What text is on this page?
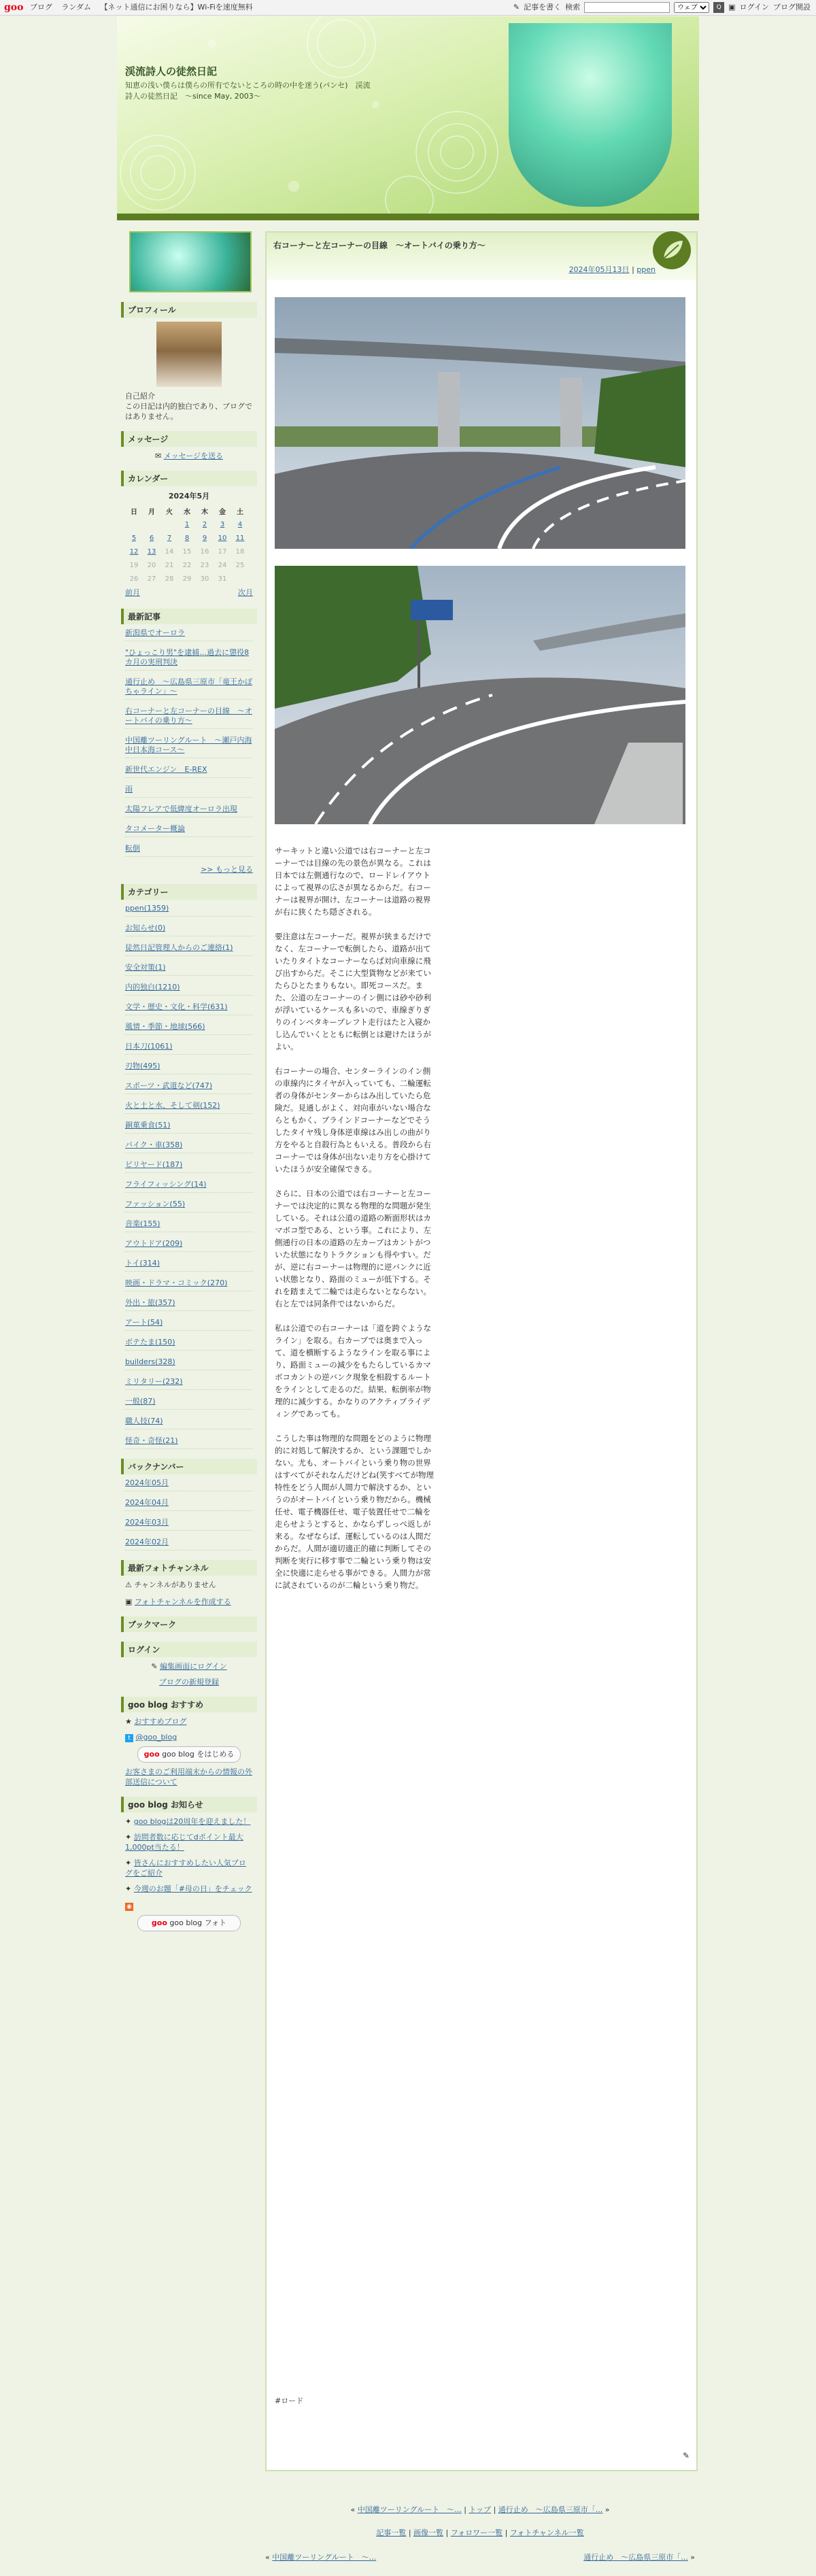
goo ブログ ランダム 【ネット通信にお困りなら】Wi-Fiを速度無料	✎ 記事を書く 検索
ウェブ	Q ▣ ログイン ブログ開設
渓流詩人の徒然日記
知恵の浅い僕らは僕らの所有でないところの時の中を迷う(パンセ)　渓流詩人の徒然日記　～since May, 2003～
プロフィール
自己紹介
この日記は内的独白であり、ブログではありません。
メッセージ
✉ メッセージを送る
カレンダー
2024年5月
日	月	火	水	木	金	土
			1	2	3	4
5	6	7	8	9	10	11
12	13	14	15	16	17	18
19	20	21	22	23	24	25
26	27	28	29	30	31	
前月	次月
最新記事
新潟県でオーロラ
"ひょっこり男"を逮捕…過去に懲役8カ月の実刑判決
通行止め　～広島県三原市「竜王かぼちゃライン」～
右コーナーと左コーナーの目線　～オートバイの乗り方～
中国離ツーリングルート　～瀬戸内海中日本海コース～
新世代エンジン　E-REX
雨
太陽フレアで低緯度オーロラ出現
タコメーター概論
転倒
>> もっと見る
カテゴリー
ppen(1359)
お知らせ(0)
徒然日記管理人からのご連絡(1)
安全対策(1)
内的独白(1210)
文学・歴史・文化・科学(631)
風情・季節・地球(566)
日本刀(1061)
刃物(495)
スポーツ・武道など(747)
火と土と水、そして剣(152)
銅菓乗食(51)
バイク・車(358)
ビリヤード(187)
フライフィッシング(14)
ファッション(55)
音楽(155)
アウトドア(209)
トイ(314)
映画・ドラマ・コミック(270)
外出・旅(357)
アート(54)
ボテたま(150)
builders(328)
ミリタリー(232)
一般(87)
職人技(74)
怪奇・奇怪(21)
バックナンバー
2024年05月
2024年04月
2024年03月
2024年02月
最新フォトチャンネル
⚠ チャンネルがありません
▣ フォトチャンネルを作成する
ブックマーク
ログイン
✎ 編集画面にログイン
ブログの新規登録
goo blog おすすめ
★ おすすめブログ
t @goo_blog
goo goo blog をはじめる
お客さまのご利用端末からの情報の外部送信について
goo blog お知らせ
✦ goo blogは20周年を迎えました！
✦ 訪問者数に応じてdポイント最大1,000pt当たる！
✦ 皆さんにおすすめしたい人気ブログをご紹介
✦ 今週のお題「#母の日」をチェック
◉
goo goo blog フォト
右コーナーと左コーナーの目線　～オートバイの乗り方～
2024年05月13日 | ppen

サーキットと違い公道では右コーナーと左コーナーでは目線の先の景色が異なる。これは日本では左側通行なので、ロードレイアウトによって視界の広さが異なるからだ。右コーナーは視界が開け、左コーナーは道路の視界が右に狭くたち隠ざされる。

要注意は左コーナーだ。視界が狭まるだけでなく、左コーナーで転倒したら、道路が出ていたりタイトなコーナーならば対向車線に飛び出すからだ。そこに大型貨物などが来ていたらひとたまりもない。即死コースだ。また、公道の左コーナーのイン側には砂や砂利が浮いているケースも多いので、車線ぎりぎりのインベタキープレフト走行はたと入寝かし込んでいくとともに転倒とは避けたほうがよい。

右コーナーの場合、センターラインのイン側の車線内にタイヤが入っていても、二輪運転者の身体がセンターからはみ出していたら危険だ。見通しがよく、対向車がいない場合ならともかく、ブラインドコーナーなどでそうしたタイヤ残し身体逆車線はみ出しの曲がり方をやると自殺行為ともいえる。普段から右コーナーでは身体が出ない走り方を心掛けていたほうが安全確保できる。

さらに、日本の公道では右コーナーと左コーナーでは決定的に異なる物理的な問題が発生している。それは公道の道路の断面形状はカマボコ型である、という事。これにより、左側通行の日本の道路の左カーブはカントがついた状態になりトラクションも得やすい。だが、逆に右コーナーは物理的に逆バンクに近い状態となり、路面のミューが低下する。それを踏まえて二輪では走らないとならない。右と左では同条件ではないからだ。

私は公道での右コーナーは「道を跨ぐようなライン」を取る。右カーブでは奥まで入って、道を横断するようなラインを取る事により、路面ミューの減少をもたらしているカマボコカントの逆バンク現象を相殺するルートをラインとして走るのだ。結果、転倒率が物理的に減少する。かなりのアクティブライディングであっても。

こうした事は物理的な問題をどのように物理的に対処して解決するか、という課題でしかない。尤も、オートバイという乗り物の世界はすべてがそれなんだけどね(笑すべてが物理特性をどう人間が人間力で解決するか、というのがオートバイという乗り物だから。機械任せ、電子機器任せ、電子装置任せで二輪を走らせようとすると、かならずしっぺ返しが来る。なぜならば、運転しているのは人間だからだ。人間が適切適正的確に判断してその判断を実行に移す事で二輪という乗り物は安全に快適に走らせる事ができる。人間力が常に試されているのが二輪という乗り物だ。

#ロード
✎
« 中国離ツーリングルート　～... | トップ | 通行止め　～広島県三原市「... »
記事一覧 | 画像一覧 | フォロワー一覧 | フォトチャンネル一覧
« 中国離ツーリングルート　～...	通行止め　～広島県三原市「... »
